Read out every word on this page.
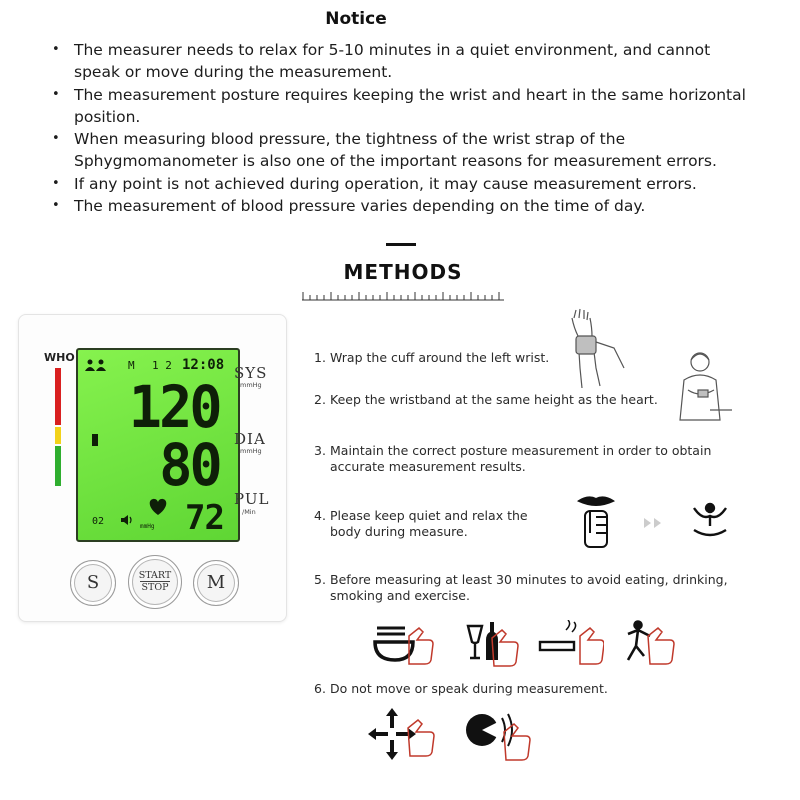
Notice
• The measurer needs to relax for 5-10 minutes in a quiet environment, and cannot speak or move during the measurement.
• The measurement posture requires keeping the wrist and heart in the same horizontal position.
• When measuring blood pressure, the tightness of the wrist strap of the Sphygmomanometer is also one of the important reasons for measurement errors.
• If any point is not achieved during operation, it may cause measurement errors.
• The measurement of blood pressure varies depending on the time of day.
METHODS
WHO
M 1 2 12:08
120
80
02	mmHg 72
SYS
mmHg
DIA
mmHg
PUL
/Min
S	START
STOP	M
1. Wrap the cuff around the left wrist.
2. Keep the wristband at the same height as the heart.
3. Maintain the correct posture measurement in order to obtain
accurate measurement results.
4. Please keep quiet and relax the
body during measure.
5. Before measuring at least 30 minutes to avoid eating, drinking,
smoking and exercise.
6. Do not move or speak during measurement.
